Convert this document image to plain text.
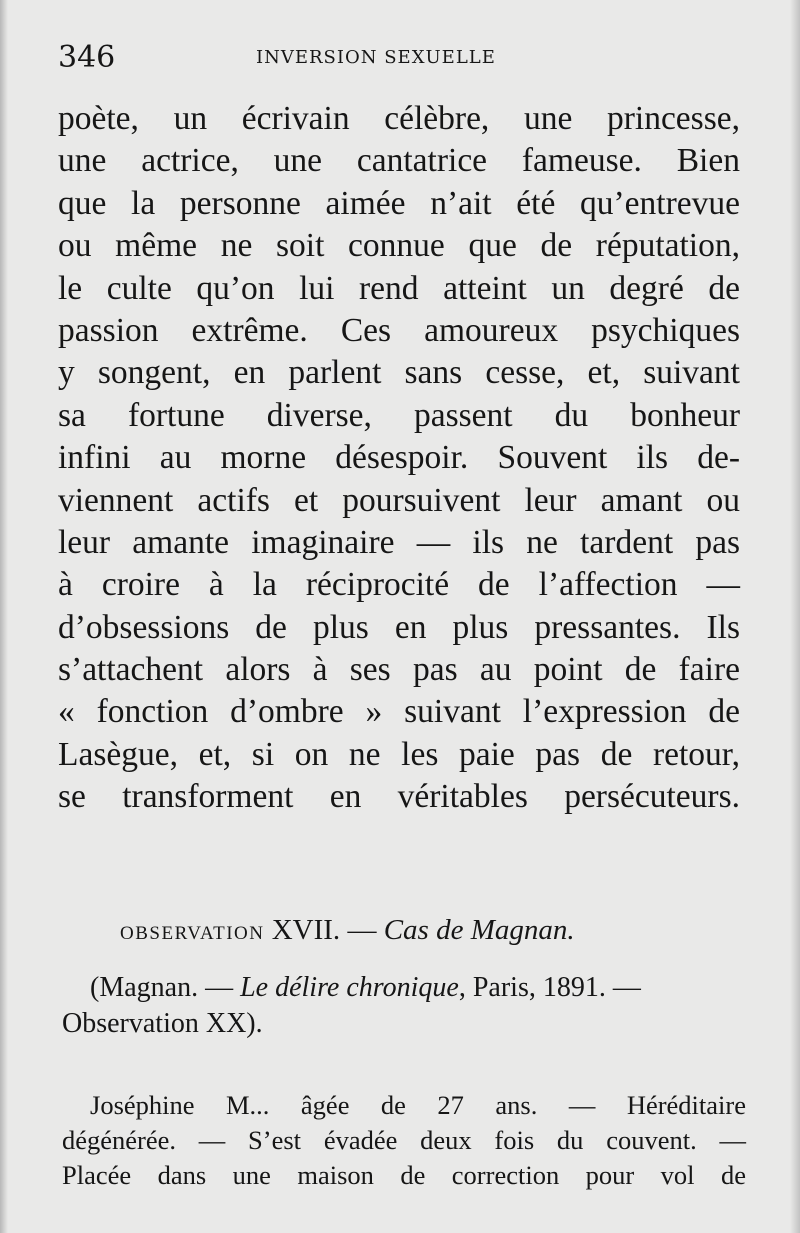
346	INVERSION SEXUELLE
poète, un écrivain célèbre, une princesse,
une actrice, une cantatrice fameuse. Bien
que la personne aimée n’ait été qu’entrevue
ou même ne soit connue que de réputation,
le culte qu’on lui rend atteint un degré de
passion extrême. Ces amoureux psychiques
y songent, en parlent sans cesse, et, suivant
sa fortune diverse, passent du bonheur
infini au morne désespoir. Souvent ils de-
viennent actifs et poursuivent leur amant ou
leur amante imaginaire — ils ne tardent pas
à croire à la réciprocité de l’affection —
d’obsessions de plus en plus pressantes. Ils
s’attachent alors à ses pas au point de faire
« fonction d’ombre » suivant l’expression de
Lasègue, et, si on ne les paie pas de retour,
se transforment en véritables persécuteurs.
OBSERVATION XVII. — Cas de Magnan.
(Magnan. — Le délire chronique, Paris, 1891. —
Observation XX).
Joséphine M... âgée de 27 ans. — Héréditaire
dégénérée. — S’est évadée deux fois du couvent. —
Placée dans une maison de correction pour vol de
